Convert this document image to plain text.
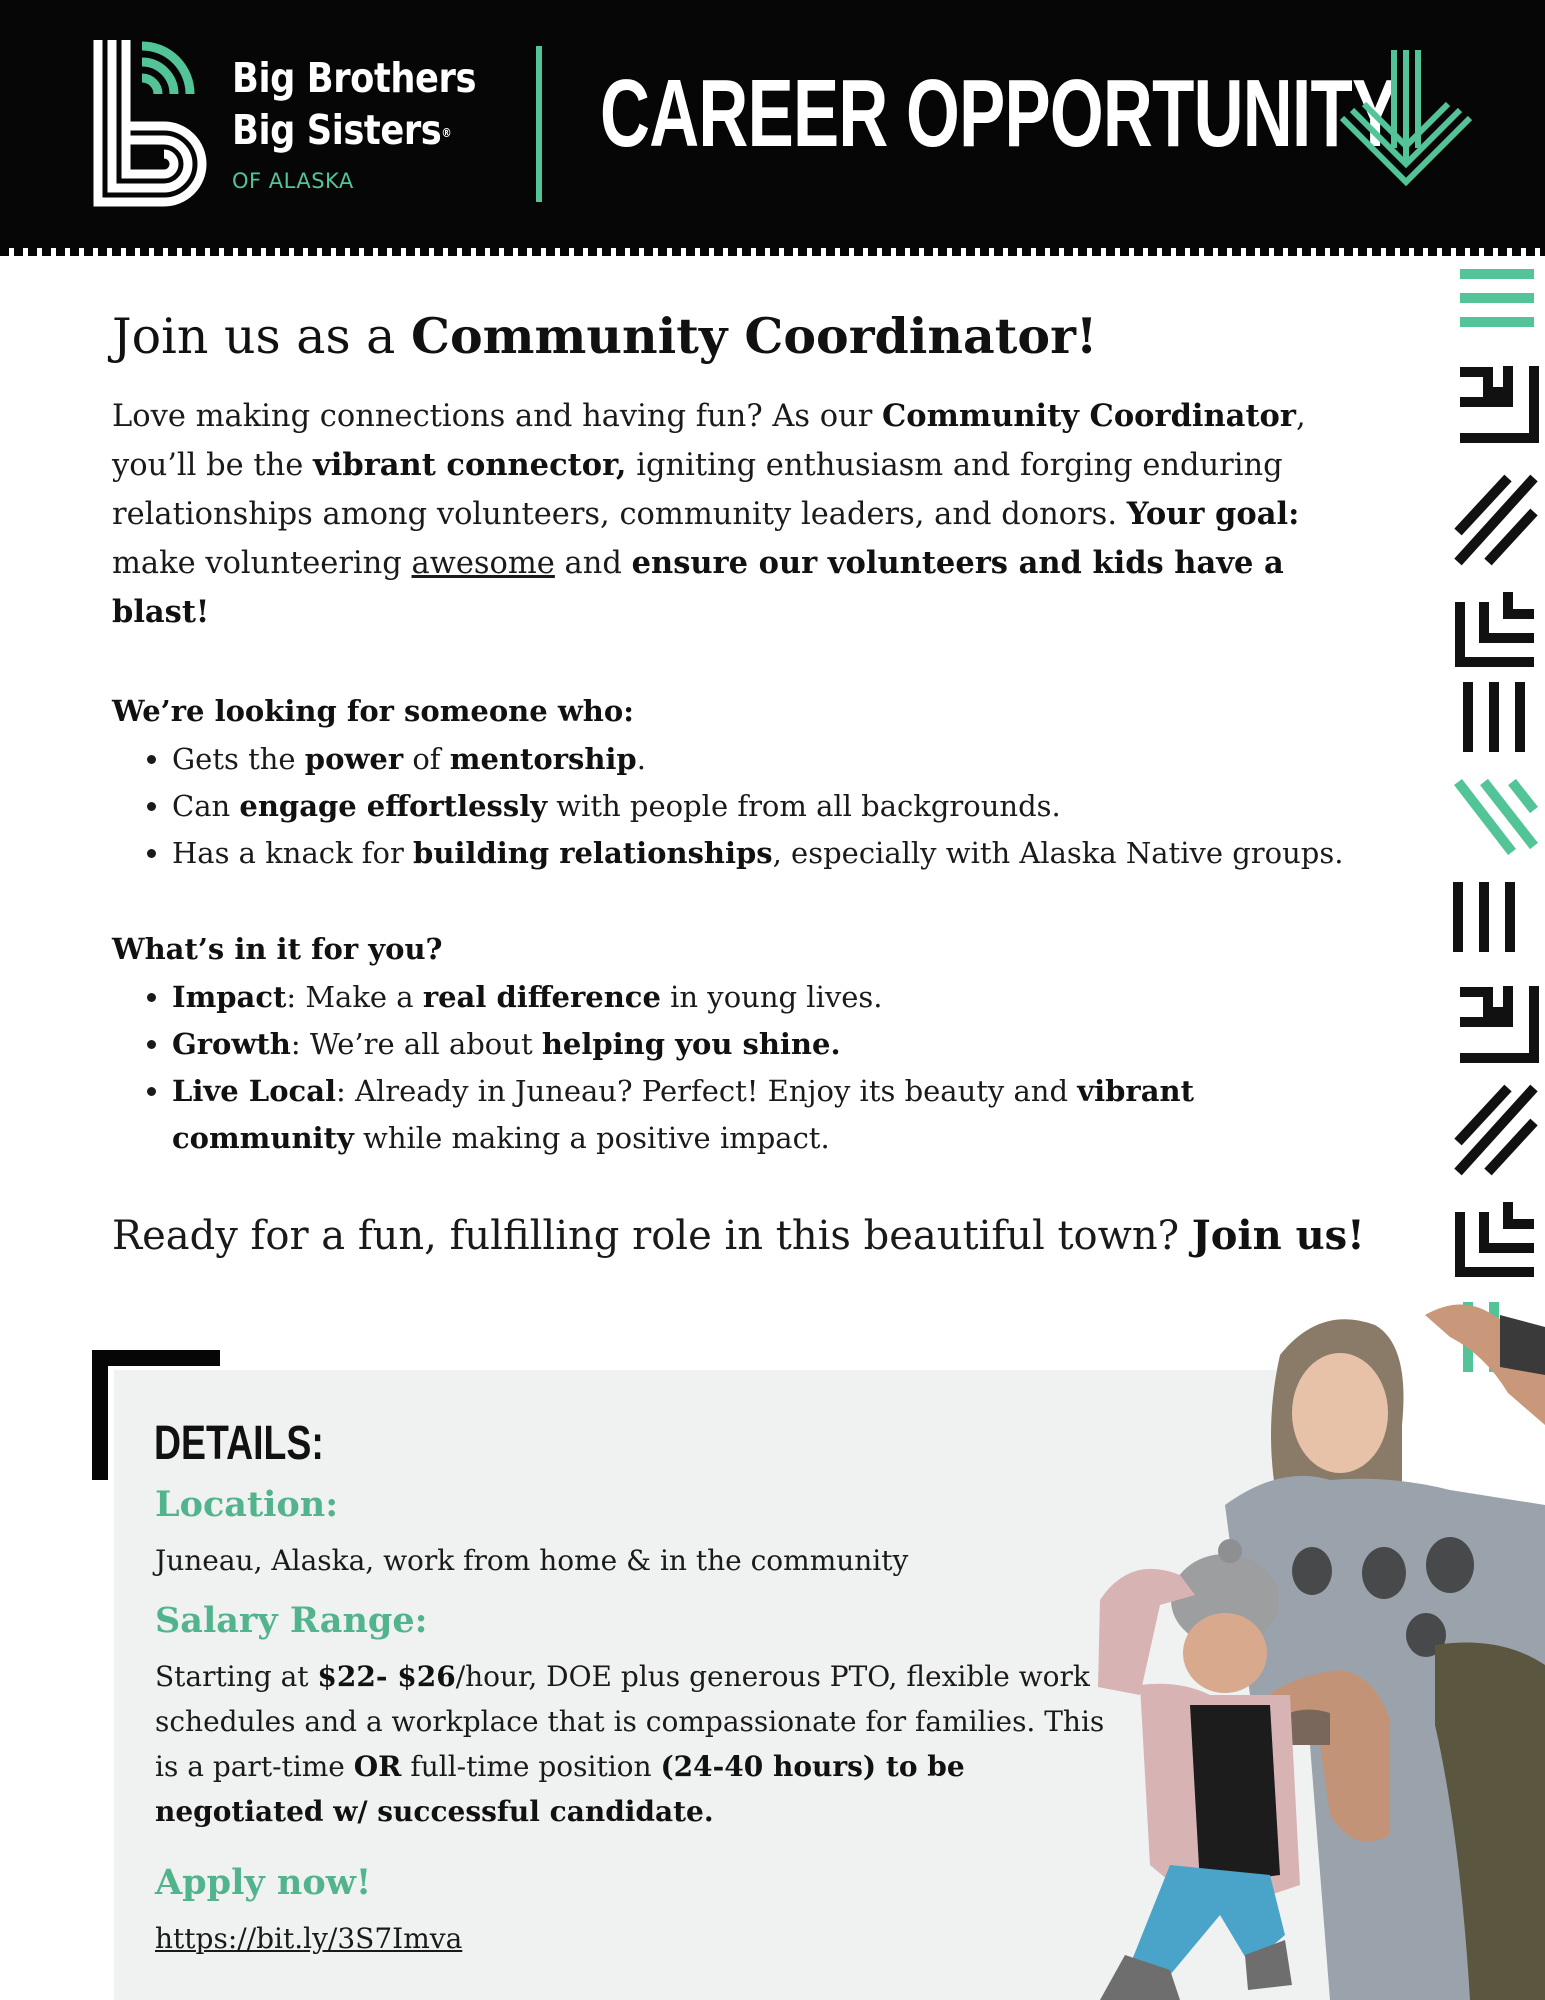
Big Brothers
Big Sisters®
OF ALASKA
CAREER OPPORTUNITY
Join us as a Community Coordinator!
Love making connections and having fun? As our Community Coordinator, you’ll be the vibrant connector, igniting enthusiasm and forging enduring relationships among volunteers, community leaders, and donors. Your goal:
make volunteering awesome and ensure our volunteers and kids have a blast!
We’re looking for someone who:
• Gets the power of mentorship.
• Can engage effortlessly with people from all backgrounds.
• Has a knack for building relationships, especially with Alaska Native groups.
What’s in it for you?
• Impact: Make a real difference in young lives.
• Growth: We’re all about helping you shine.
• Live Local: Already in Juneau? Perfect! Enjoy its beauty and vibrant community while making a positive impact.
Ready for a fun, fulfilling role in this beautiful town? Join us!
DETAILS:
Location:
Juneau, Alaska, work from home & in the community
Salary Range:
Starting at $22- $26/hour, DOE plus generous PTO, flexible work schedules and a workplace that is compassionate for families. This is a part-time OR full-time position (24-40 hours) to be negotiated w/ successful candidate.
Apply now!
https://bit.ly/3S7Imva
